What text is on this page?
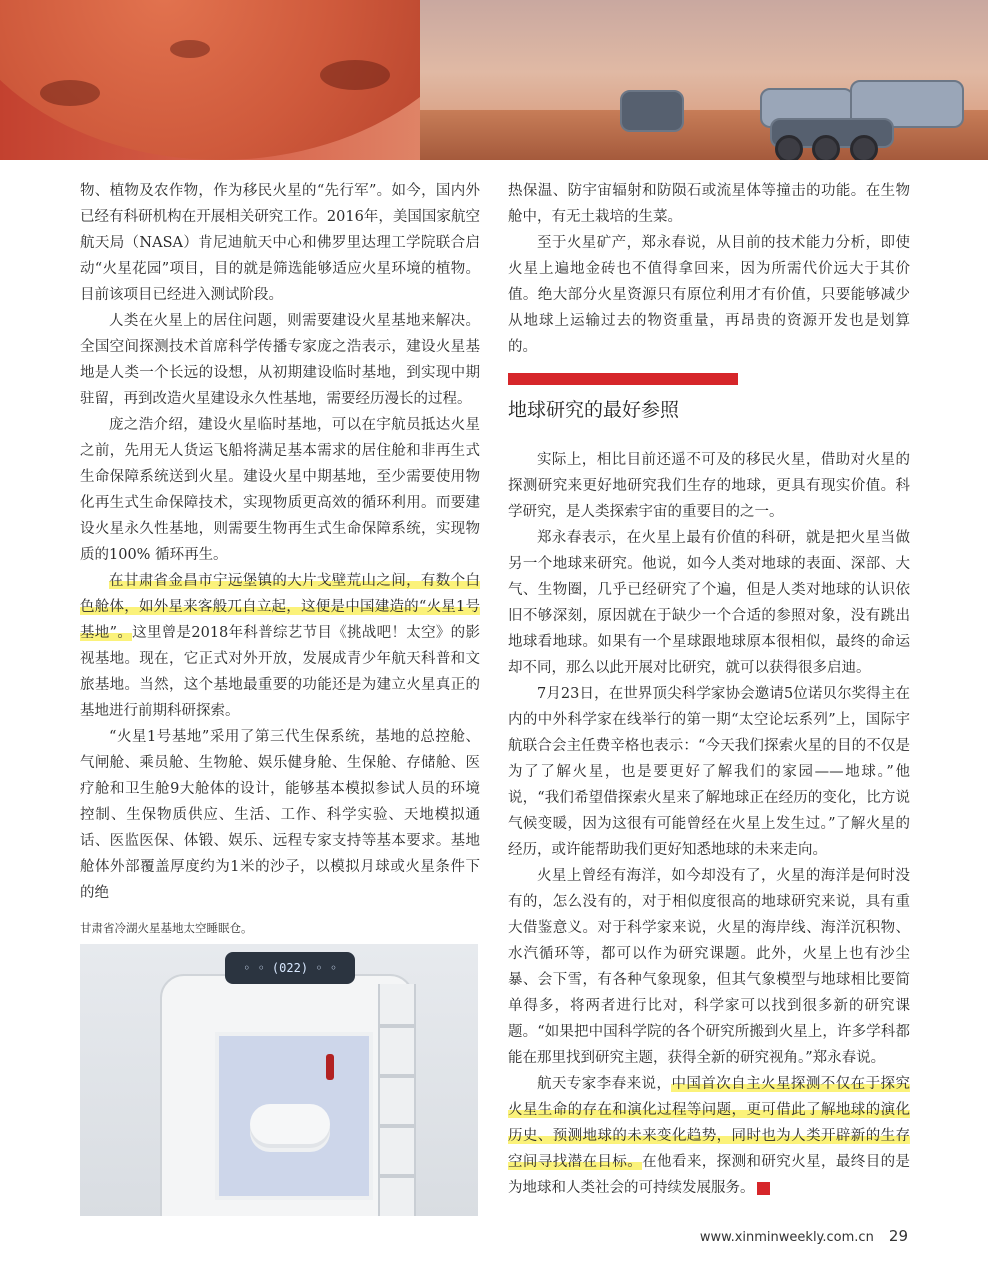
物、植物及农作物，作为移民火星的“先行军”。如今，国内外已经有科研机构在开展相关研究工作。2016年，美国国家航空航天局（NASA）肯尼迪航天中心和佛罗里达理工学院联合启动“火星花园”项目，目的就是筛选能够适应火星环境的植物。目前该项目已经进入测试阶段。

人类在火星上的居住问题，则需要建设火星基地来解决。全国空间探测技术首席科学传播专家庞之浩表示，建设火星基地是人类一个长远的设想，从初期建设临时基地，到实现中期驻留，再到改造火星建设永久性基地，需要经历漫长的过程。

庞之浩介绍，建设火星临时基地，可以在宇航员抵达火星之前，先用无人货运飞船将满足基本需求的居住舱和非再生式生命保障系统送到火星。建设火星中期基地，至少需要使用物化再生式生命保障技术，实现物质更高效的循环利用。而要建设火星永久性基地，则需要生物再生式生命保障系统，实现物质的100% 循环再生。

在甘肃省金昌市宁远堡镇的大片戈壁荒山之间，有数个白色舱体，如外星来客般兀自立起，这便是中国建造的“火星1号基地”。这里曾是2018年科普综艺节目《挑战吧！太空》的影视基地。现在，它正式对外开放，发展成青少年航天科普和文旅基地。当然，这个基地最重要的功能还是为建立火星真正的基地进行前期科研探索。

“火星1号基地”采用了第三代生保系统，基地的总控舱、气闸舱、乘员舱、生物舱、娱乐健身舱、生保舱、存储舱、医疗舱和卫生舱9大舱体的设计，能够基本模拟参试人员的环境控制、生保物质供应、生活、工作、科学实验、天地模拟通话、医监医保、体锻、娱乐、远程专家支持等基本要求。基地舱体外部覆盖厚度约为1米的沙子，以模拟月球或火星条件下的绝

甘肃省冷湖火星基地太空睡眠仓。
◦ ◦ (022) ◦ ◦

热保温、防宇宙辐射和防陨石或流星体等撞击的功能。在生物舱中，有无土栽培的生菜。

至于火星矿产，郑永春说，从目前的技术能力分析，即使火星上遍地金砖也不值得拿回来，因为所需代价远大于其价值。绝大部分火星资源只有原位利用才有价值，只要能够减少从地球上运输过去的物资重量，再昂贵的资源开发也是划算的。

地球研究的最好参照

实际上，相比目前还遥不可及的移民火星，借助对火星的探测研究来更好地研究我们生存的地球，更具有现实价值。科学研究，是人类探索宇宙的重要目的之一。

郑永春表示，在火星上最有价值的科研，就是把火星当做另一个地球来研究。他说，如今人类对地球的表面、深部、大气、生物圈，几乎已经研究了个遍，但是人类对地球的认识依旧不够深刻，原因就在于缺少一个合适的参照对象，没有跳出地球看地球。如果有一个星球跟地球原本很相似，最终的命运却不同，那么以此开展对比研究，就可以获得很多启迪。

7月23日，在世界顶尖科学家协会邀请5位诺贝尔奖得主在内的中外科学家在线举行的第一期“太空论坛系列”上，国际宇航联合会主任费辛格也表示：“今天我们探索火星的目的不仅是为了了解火星，也是要更好了解我们的家园——地球。”他说，“我们希望借探索火星来了解地球正在经历的变化，比方说气候变暖，因为这很有可能曾经在火星上发生过。”了解火星的经历，或许能帮助我们更好知悉地球的未来走向。

火星上曾经有海洋，如今却没有了，火星的海洋是何时没有的，怎么没有的，对于相似度很高的地球研究来说，具有重大借鉴意义。对于科学家来说，火星的海岸线、海洋沉积物、水汽循环等，都可以作为研究课题。此外，火星上也有沙尘暴、会下雪，有各种气象现象，但其气象模型与地球相比要简单得多，将两者进行比对，科学家可以找到很多新的研究课题。“如果把中国科学院的各个研究所搬到火星上，许多学科都能在那里找到研究主题，获得全新的研究视角。”郑永春说。

航天专家李春来说，中国首次自主火星探测不仅在于探究火星生命的存在和演化过程等问题，更可借此了解地球的演化历史、预测地球的未来变化趋势，同时也为人类开辟新的生存空间寻找潜在目标。在他看来，探测和研究火星，最终目的是为地球和人类社会的可持续发展服务。

www.xinminweekly.com.cn 29
